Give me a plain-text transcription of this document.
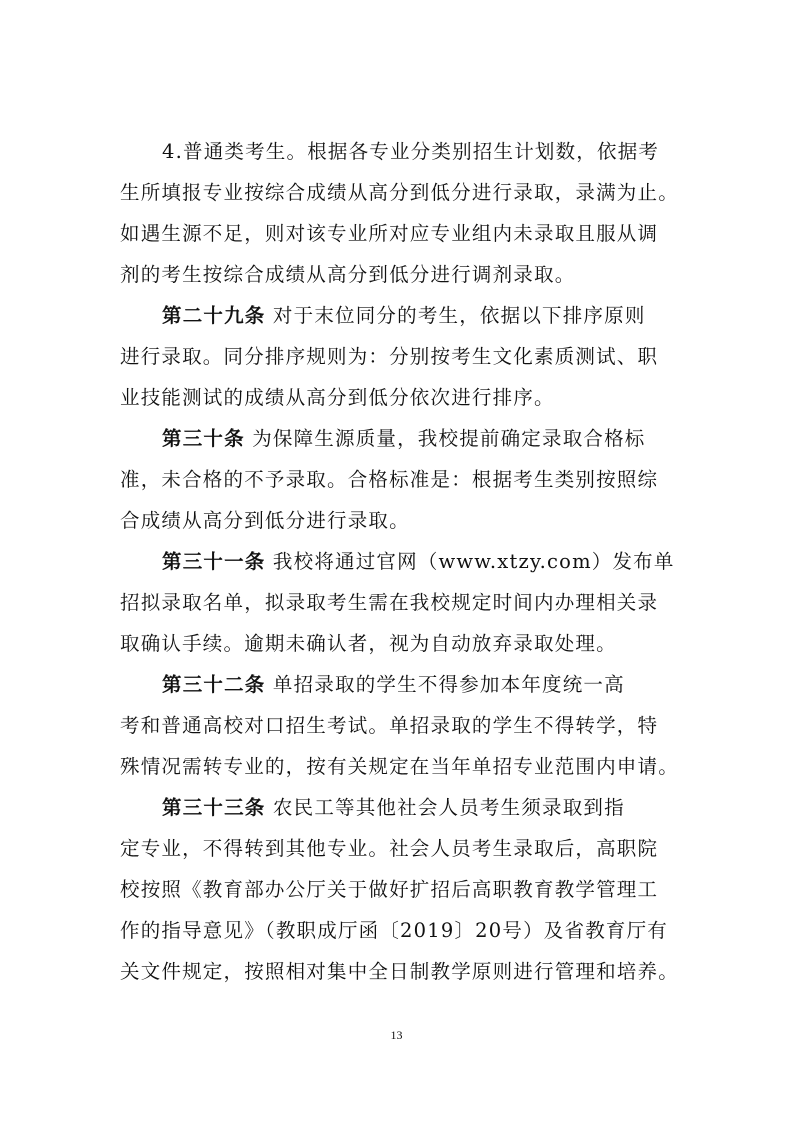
4.普通类考生。根据各专业分类别招生计划数，依据考
生所填报专业按综合成绩从高分到低分进行录取，录满为止。
如遇生源不足，则对该专业所对应专业组内未录取且服从调
剂的考生按综合成绩从高分到低分进行调剂录取。
第二十九条 对于末位同分的考生，依据以下排序原则
进行录取。同分排序规则为：分别按考生文化素质测试、职
业技能测试的成绩从高分到低分依次进行排序。
第三十条 为保障生源质量，我校提前确定录取合格标
准，未合格的不予录取。合格标准是：根据考生类别按照综
合成绩从高分到低分进行录取。
第三十一条 我校将通过官网（www.xtzy.com）发布单
招拟录取名单，拟录取考生需在我校规定时间内办理相关录
取确认手续。逾期未确认者，视为自动放弃录取处理。
第三十二条 单招录取的学生不得参加本年度统一高
考和普通高校对口招生考试。单招录取的学生不得转学，特
殊情况需转专业的，按有关规定在当年单招专业范围内申请。
第三十三条 农民工等其他社会人员考生须录取到指
定专业，不得转到其他专业。社会人员考生录取后，高职院
校按照《教育部办公厅关于做好扩招后高职教育教学管理工
作的指导意见》（教职成厅函〔2019〕20号）及省教育厅有
关文件规定，按照相对集中全日制教学原则进行管理和培养。
13
